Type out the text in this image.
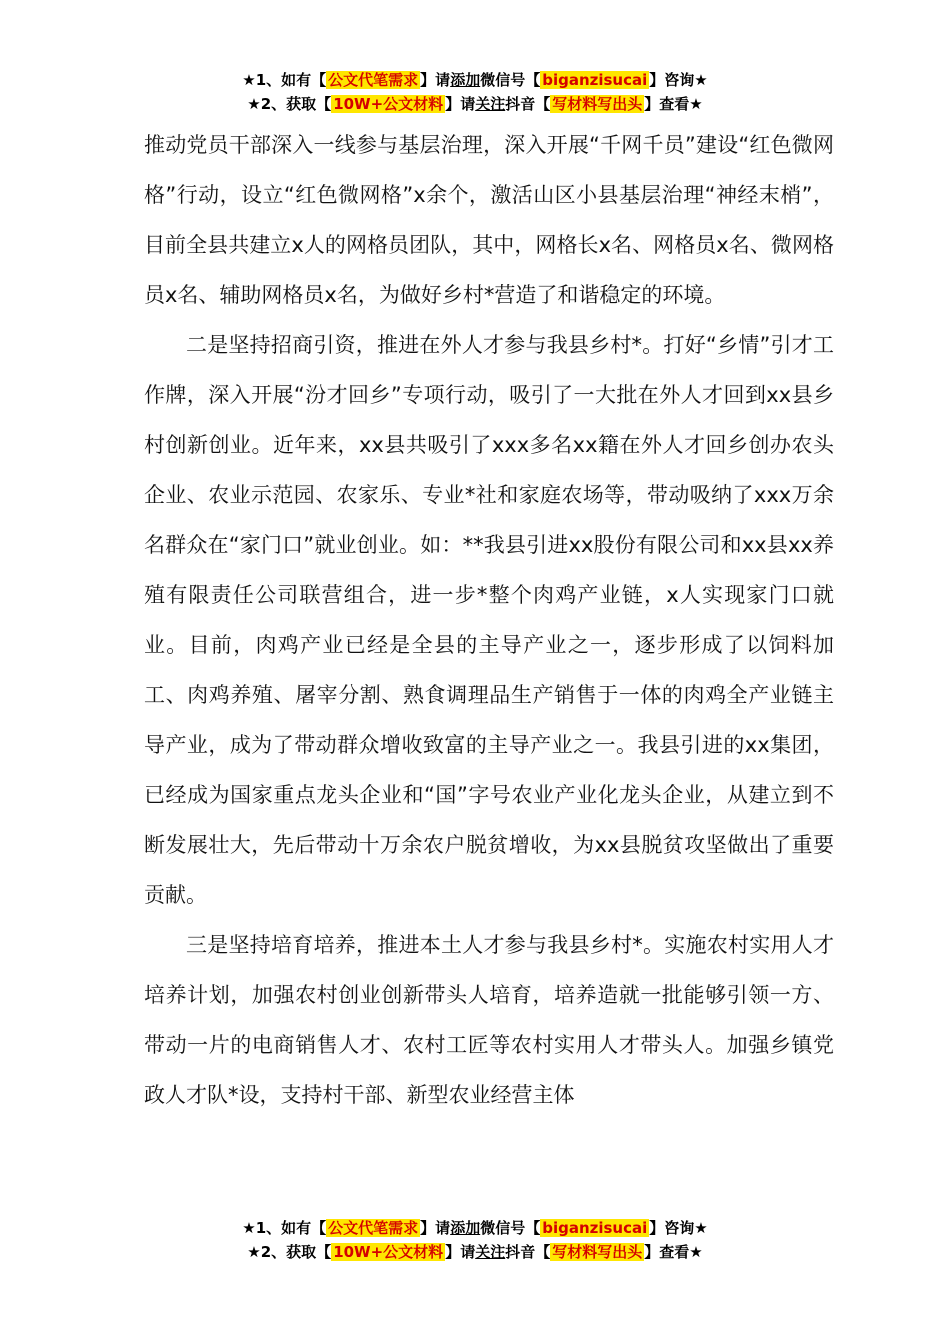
★1、如有【 公文代笔需求 】请添加微信号【 biganzisucai 】咨询★
★2、获取【 10W+公文材料 】请关注抖音【 写材料写出头 】查看★

推动党员干部深入一线参与基层治理，深入开展“千网千员”建设“红色微网格”行动，设立“红色微网格”x余个，激活山区小县基层治理“神经末梢”，目前全县共建立x人的网格员团队，其中，网格长x名、网格员x名、微网格员x名、辅助网格员x名，为做好乡村*营造了和谐稳定的环境。

二是坚持招商引资，推进在外人才参与我县乡村*。打好“乡情”引才工作牌，深入开展“汾才回乡”专项行动，吸引了一大批在外人才回到xx县乡村创新创业。近年来，xx县共吸引了xxx多名xx籍在外人才回乡创办农头企业、农业示范园、农家乐、专业*社和家庭农场等，带动吸纳了xxx万余名群众在“家门口”就业创业。如：**我县引进xx股份有限公司和xx县xx养殖有限责任公司联营组合，进一步*整个肉鸡产业链，x人实现家门口就业。目前，肉鸡产业已经是全县的主导产业之一，逐步形成了以饲料加工、肉鸡养殖、屠宰分割、熟食调理品生产销售于一体的肉鸡全产业链主导产业，成为了带动群众增收致富的主导产业之一。我县引进的xx集团，已经成为国家重点龙头企业和“国”字号农业产业化龙头企业，从建立到不断发展壮大，先后带动十万余农户脱贫增收，为xx县脱贫攻坚做出了重要贡献。

三是坚持培育培养，推进本土人才参与我县乡村*。实施农村实用人才培养计划，加强农村创业创新带头人培育，培养造就一批能够引领一方、带动一片的电商销售人才、农村工匠等农村实用人才带头人。加强乡镇党政人才队*设，支持村干部、新型农业经营主体

★1、如有【 公文代笔需求 】请添加微信号【 biganzisucai 】咨询★
★2、获取【 10W+公文材料 】请关注抖音【 写材料写出头 】查看★
